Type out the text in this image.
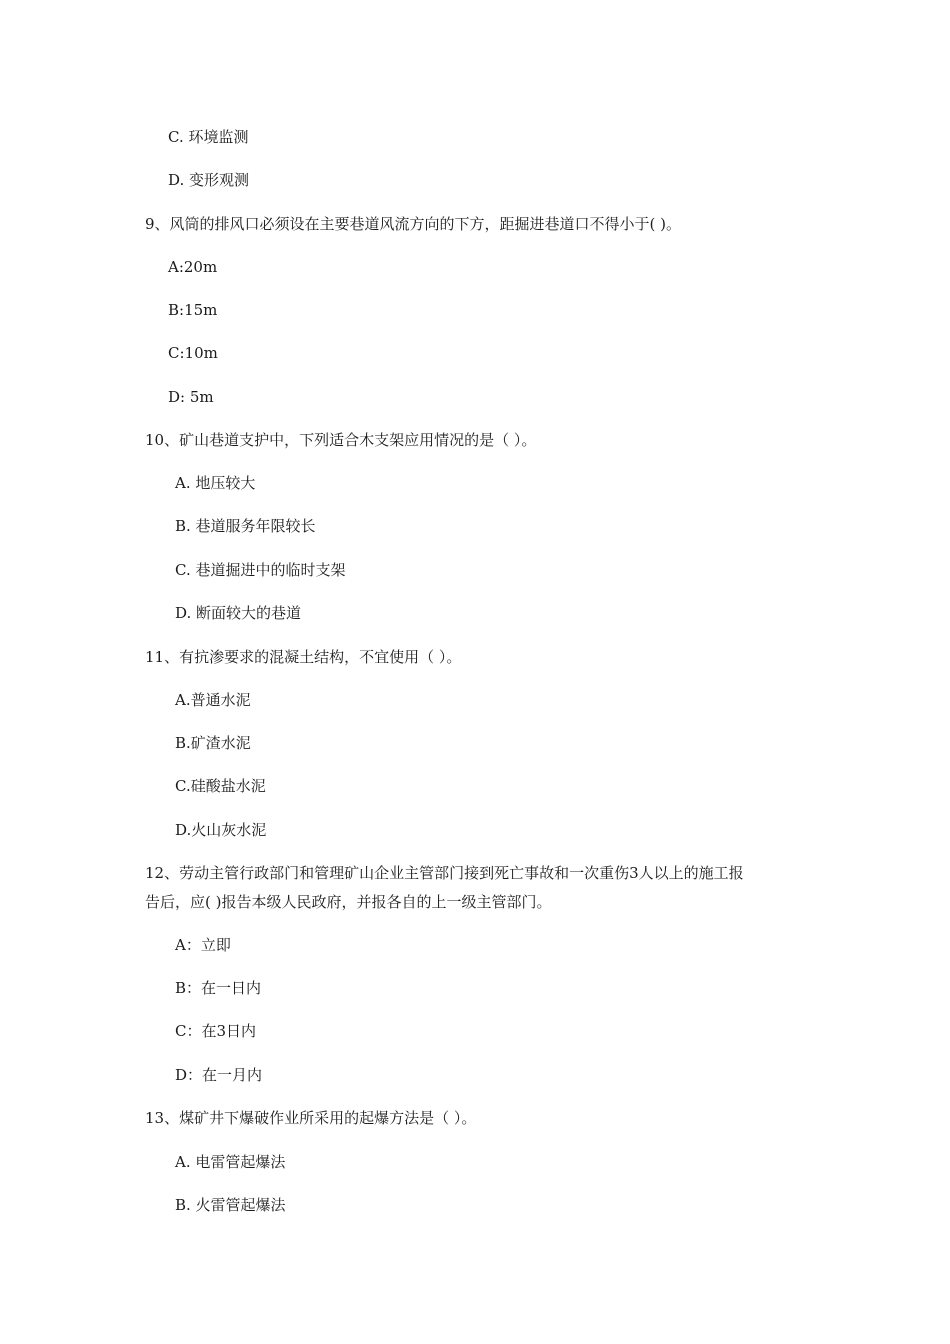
C. 环境监测
D. 变形观测
9、风筒的排风口必须设在主要巷道风流方向的下方，距掘进巷道口不得小于( )。
A:20m
B:15m
C:10m
D: 5m
10、矿山巷道支护中，下列适合木支架应用情况的是（ ）。
A. 地压较大
B. 巷道服务年限较长
C. 巷道掘进中的临时支架
D. 断面较大的巷道
11、有抗渗要求的混凝土结构，不宜使用（ ）。
A.普通水泥
B.矿渣水泥
C.硅酸盐水泥
D.火山灰水泥
12、劳动主管行政部门和管理矿山企业主管部门接到死亡事故和一次重伤3人以上的施工报
告后，应( )报告本级人民政府，并报各自的上一级主管部门。
A：立即
B：在一日内
C：在3日内
D：在一月内
13、煤矿井下爆破作业所采用的起爆方法是（ ）。
A. 电雷管起爆法
B. 火雷管起爆法
